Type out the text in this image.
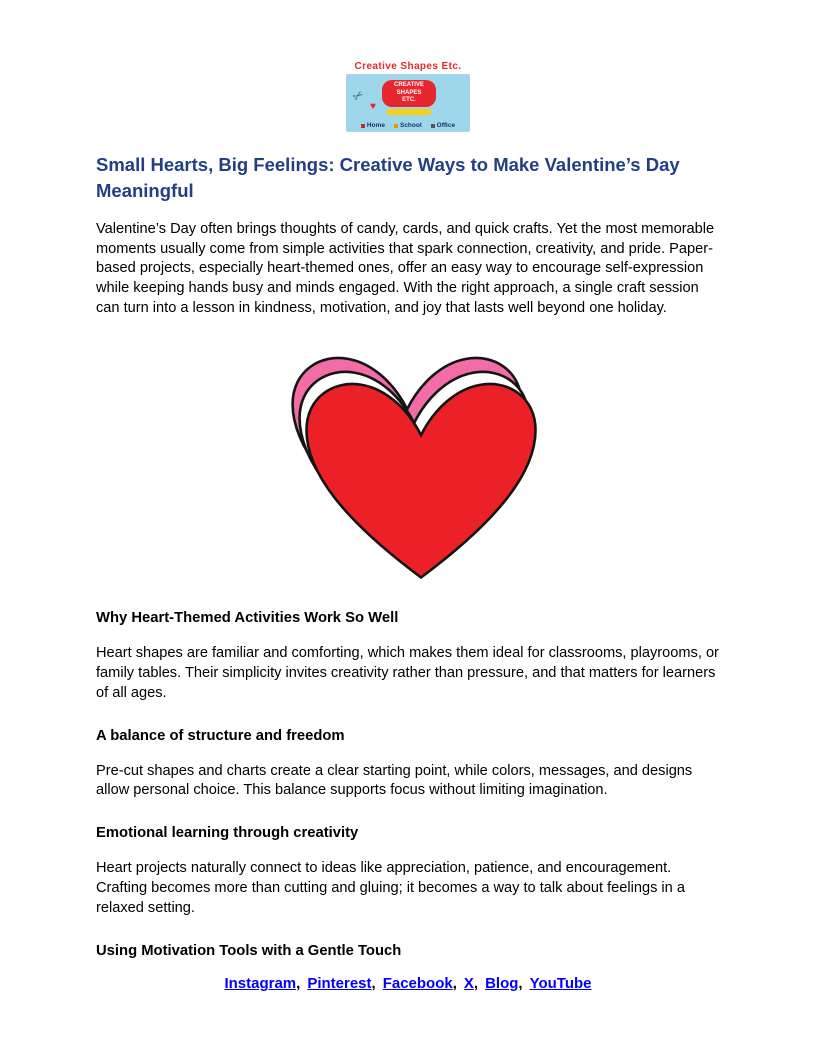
Creative Shapes Etc.
✂
CREATIVE
SHAPES
ETC.
♥
Home School Office
Small Hearts, Big Feelings: Creative Ways to Make Valentine’s Day Meaningful

Valentine’s Day often brings thoughts of candy, cards, and quick crafts. Yet the most memorable moments usually come from simple activities that spark connection, creativity, and pride. Paper-based projects, especially heart-themed ones, offer an easy way to encourage self-expression while keeping hands busy and minds engaged. With the right approach, a single craft session can turn into a lesson in kindness, motivation, and joy that lasts well beyond one holiday.

Why Heart-Themed Activities Work So Well

Heart shapes are familiar and comforting, which makes them ideal for classrooms, playrooms, or family tables. Their simplicity invites creativity rather than pressure, and that matters for learners of all ages.

A balance of structure and freedom

Pre-cut shapes and charts create a clear starting point, while colors, messages, and designs allow personal choice. This balance supports focus without limiting imagination.

Emotional learning through creativity

Heart projects naturally connect to ideas like appreciation, patience, and encouragement. Crafting becomes more than cutting and gluing; it becomes a way to talk about feelings in a relaxed setting.

Using Motivation Tools with a Gentle Touch
Instagram, Pinterest, Facebook, X, Blog, YouTube
